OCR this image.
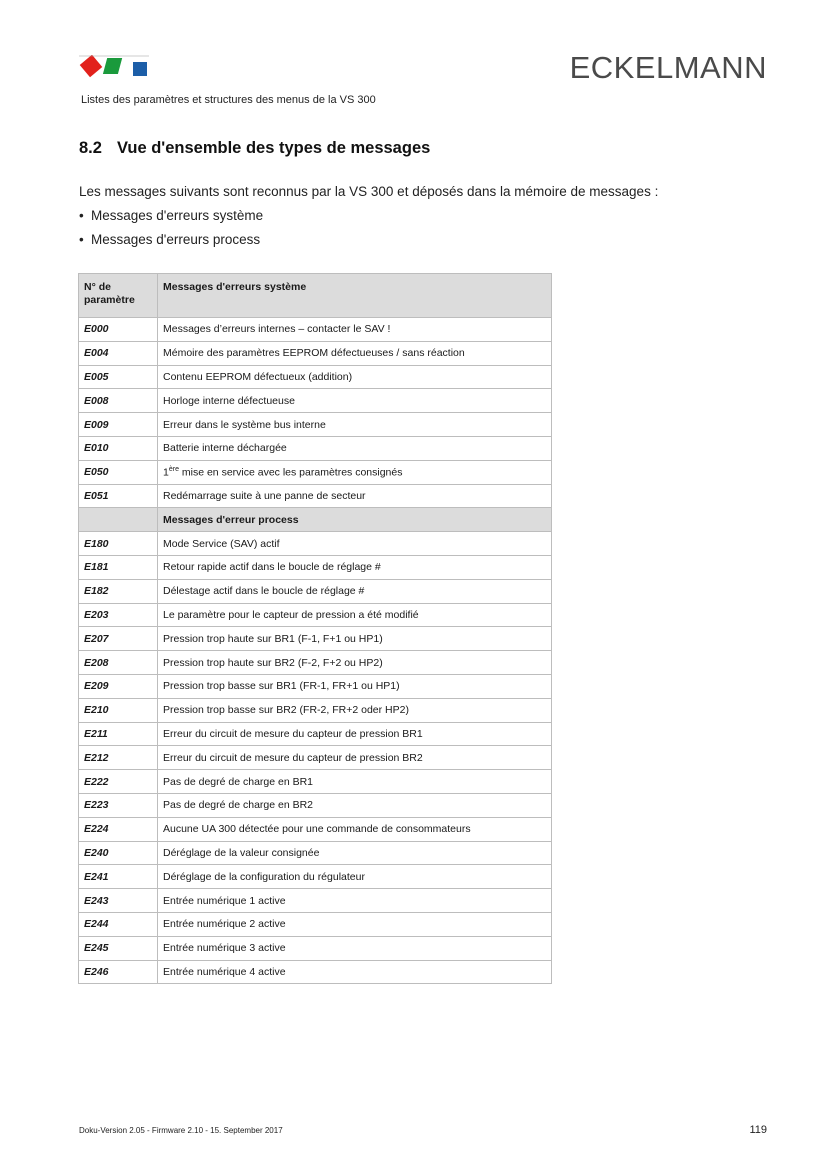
ECKELMANN
Listes des paramètres et structures des menus de la VS 300
8.2 Vue d'ensemble des types de messages
Les messages suivants sont reconnus par la VS 300 et déposés dans la mémoire de messages :
• Messages d'erreurs système
• Messages d'erreurs process
N° de paramètre	Messages d'erreurs système
E000	Messages d’erreurs internes – contacter le SAV !
E004	Mémoire des paramètres EEPROM défectueuses / sans réaction
E005	Contenu EEPROM défectueux (addition)
E008	Horloge interne défectueuse
E009	Erreur dans le système bus interne
E010	Batterie interne déchargée
E050	1ère mise en service avec les paramètres consignés
E051	Redémarrage suite à une panne de secteur
	Messages d'erreur process
E180	Mode Service (SAV) actif
E181	Retour rapide actif dans le boucle de réglage #
E182	Délestage actif dans le boucle de réglage #
E203	Le paramètre pour le capteur de pression a été modifié
E207	Pression trop haute sur BR1 (F-1, F+1 ou HP1)
E208	Pression trop haute sur BR2 (F-2, F+2 ou HP2)
E209	Pression trop basse sur BR1 (FR-1, FR+1 ou HP1)
E210	Pression trop basse sur BR2 (FR-2, FR+2 oder HP2)
E211	Erreur du circuit de mesure du capteur de pression BR1
E212	Erreur du circuit de mesure du capteur de pression BR2
E222	Pas de degré de charge en BR1
E223	Pas de degré de charge en BR2
E224	Aucune UA 300 détectée pour une commande de consommateurs
E240	Déréglage de la valeur consignée
E241	Déréglage de la configuration du régulateur
E243	Entrée numérique 1 active
E244	Entrée numérique 2 active
E245	Entrée numérique 3 active
E246	Entrée numérique 4 active
Doku-Version 2.05 - Firmware 2.10 - 15. September 2017	119
